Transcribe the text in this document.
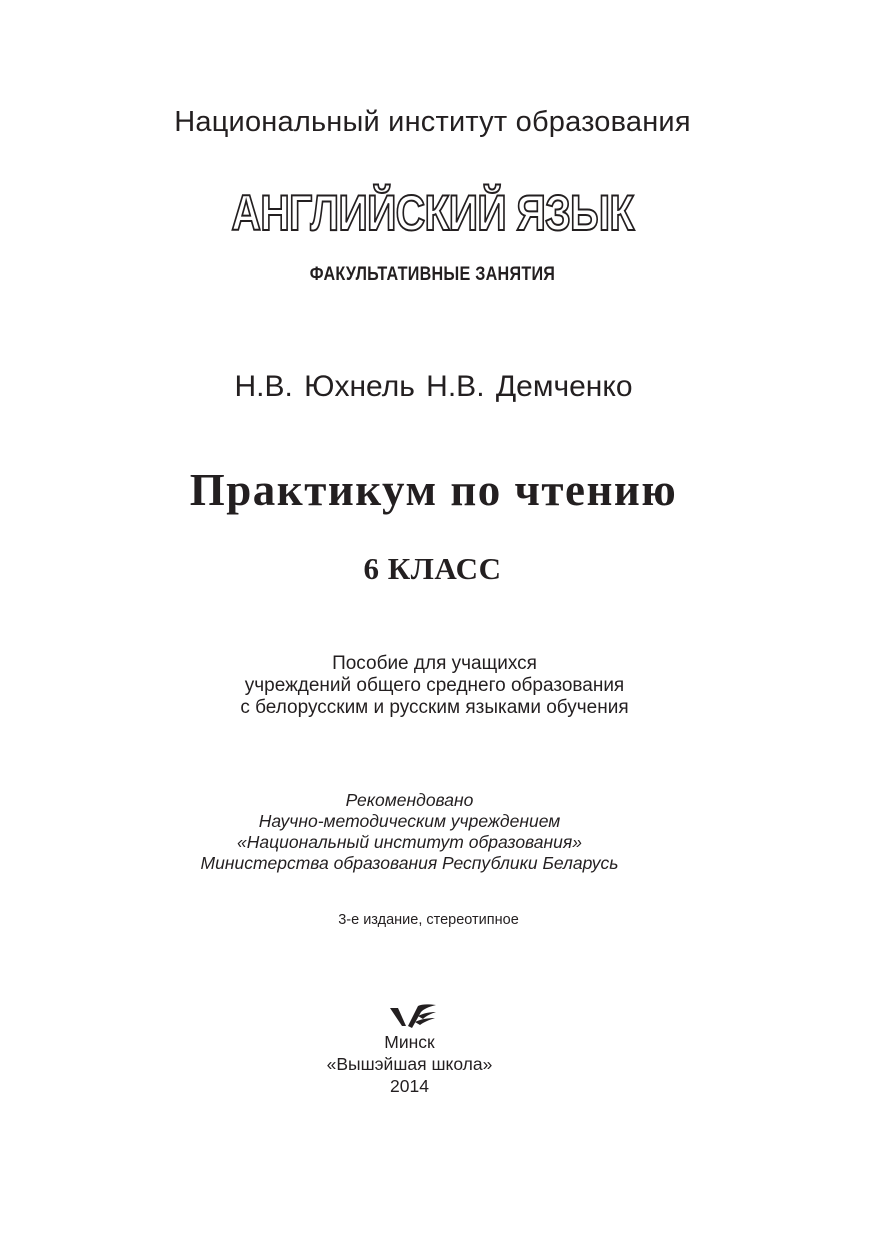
Национальный институт образования
АНГЛИЙСКИЙ ЯЗЫК
ФАКУЛЬТАТИВНЫЕ ЗАНЯТИЯ
Н.В. Юхнель Н.В. Демченко
Практикум по чтению
6 КЛАСС
Пособие для учащихся
учреждений общего среднего образования
с белорусским и русским языками обучения
Рекомендовано
Научно-методическим учреждением
«Национальный институт образования»
Министерства образования Республики Беларусь
3-е издание, стереотипное
Минск
«Вышэйшая школа»
2014
